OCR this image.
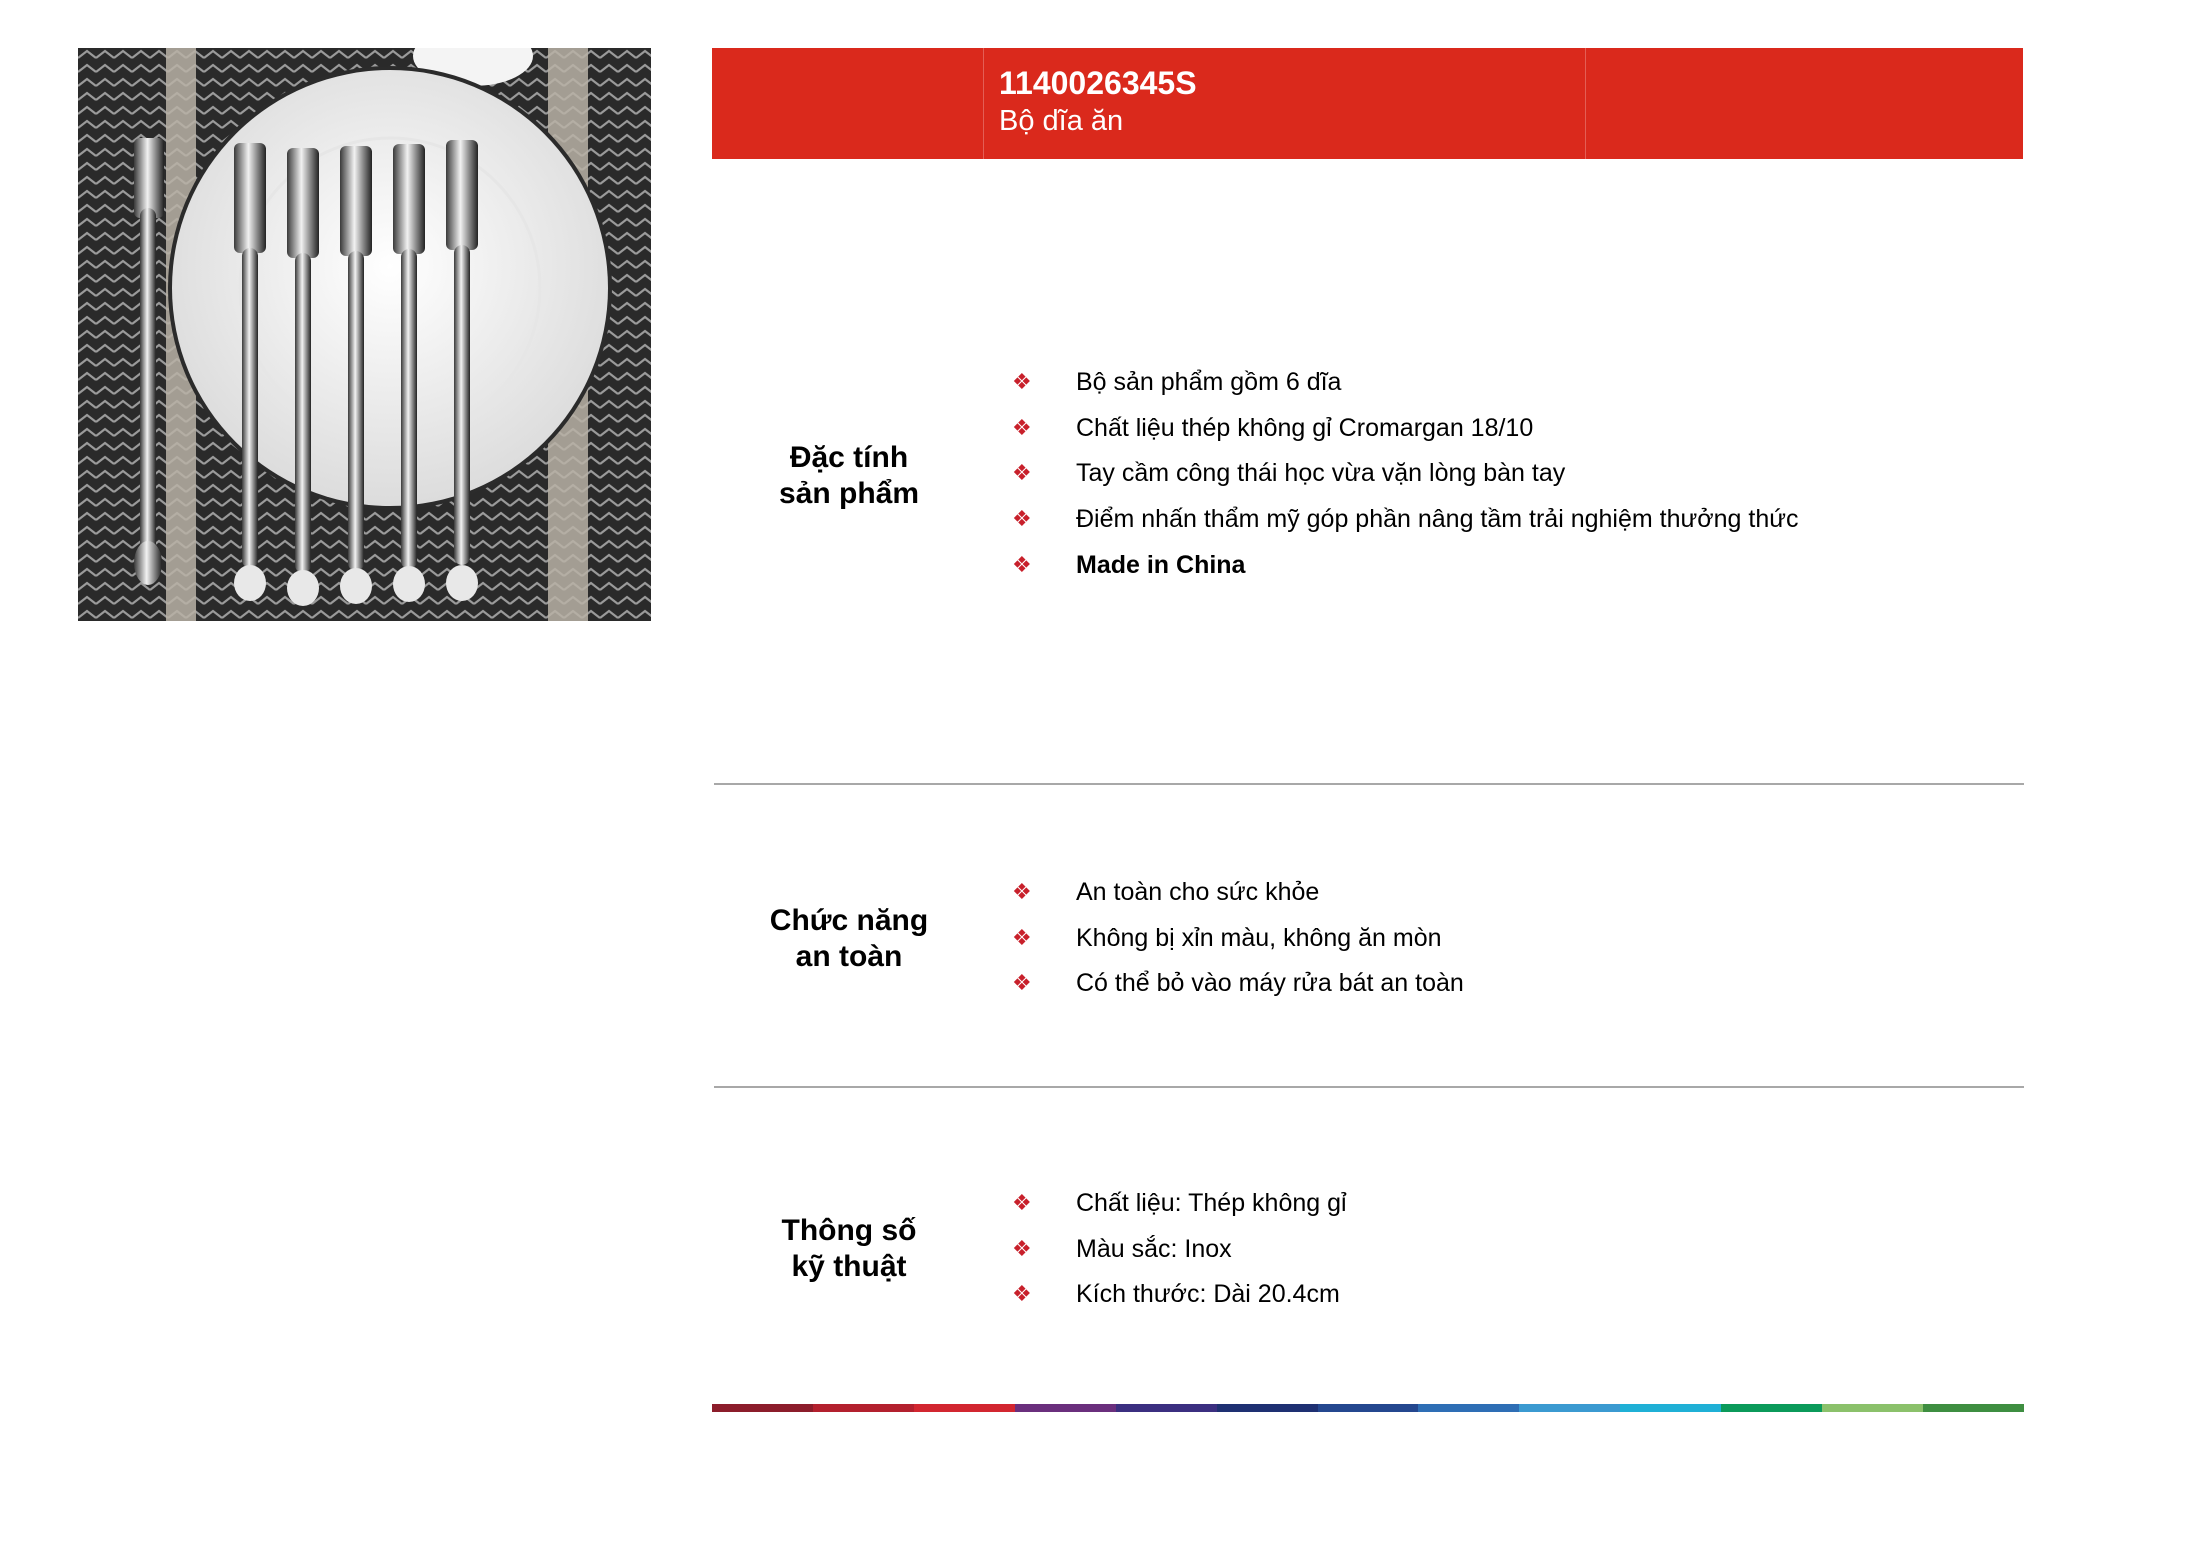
1140026345S
Bộ dĩa ăn
Đặc tính
sản phẩm
❖	Bộ sản phẩm gồm 6 dĩa
❖	Chất liệu thép không gỉ Cromargan 18/10
❖	Tay cầm công thái học vừa vặn lòng bàn tay
❖	Điểm nhấn thẩm mỹ góp phần nâng tầm trải nghiệm thưởng thức
❖	Made in China
Chức năng
an toàn
❖	An toàn cho sức khỏe
❖	Không bị xỉn màu, không ăn mòn
❖	Có thể bỏ vào máy rửa bát an toàn
Thông số
kỹ thuật
❖	Chất liệu: Thép không gỉ
❖	Màu sắc: Inox
❖	Kích thước: Dài 20.4cm
